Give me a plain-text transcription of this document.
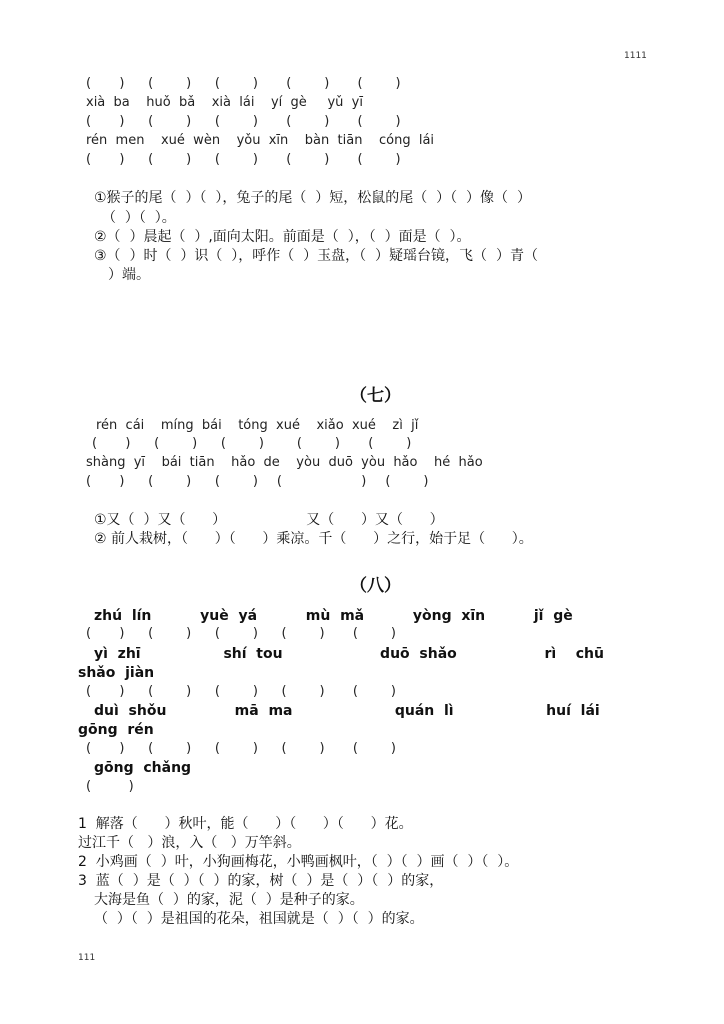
1111
(      )     (       )     (       )      (       )      (       )
xià  ba    huǒ  bǎ    xià  lái    yí  gè     yǔ  yī
(      )     (       )     (       )      (       )      (       )
rén  men    xué  wèn    yǒu  xīn    bàn  tiān    cóng  lái
(      )     (       )     (       )      (       )      (       )
①猴子的尾（  ）（  ），兔子的尾（  ）短，松鼠的尾（  ）（  ）像（  ）
（  ）（  ）。
②（  ）晨起（  ）,面向太阳。前面是（  ），（  ）面是（  ）。
③（  ）时（  ）识（  ），呼作（  ）玉盘，（  ）疑瑶台镜，飞（  ）青（
）端。
（七）
rén  cái    míng  bái    tóng  xué    xiǎo  xué    zì  jǐ
(      )     (       )     (       )       (       )      (       )
shàng  yī    bái  tiān    hǎo  de    yòu  duō  yòu  hǎo    hé  hǎo
(      )     (       )     (       )    (                 )    (       )
①又（  ）又（      ）                  又（      ）又（      ）
② 前人栽树，（      ）（      ）乘凉。千（      ）之行，始于足（      ）。
（八）
zhú  lín          yuè  yá          mù  mǎ          yòng  xīn          jǐ  gè
(      )     (       )     (       )     (       )      (       )
yì  zhī                 shí  tou                    duō  shǎo                  rì    chū
shǎo  jiàn
(      )     (       )     (       )     (       )      (       )
duì  shǒu              mā  ma                     quán  lì                   huí  lái
gōng  rén
(      )     (       )     (       )     (       )      (       )
gōng  chǎng
(        )
1  解落（      ）秋叶，能（      ）（      ）（      ）花。
过江千（   ）浪，入（   ）万竿斜。
2  小鸡画（  ）叶，小狗画梅花，小鸭画枫叶，（  ）（  ）画（  ）（  ）。
3  蓝（  ）是（  ）（  ）的家，树（  ）是（  ）（  ）的家，
大海是鱼（  ）的家，泥（  ）是种子的家。
（  ）（  ）是祖国的花朵，祖国就是（  ）（  ）的家。
111
